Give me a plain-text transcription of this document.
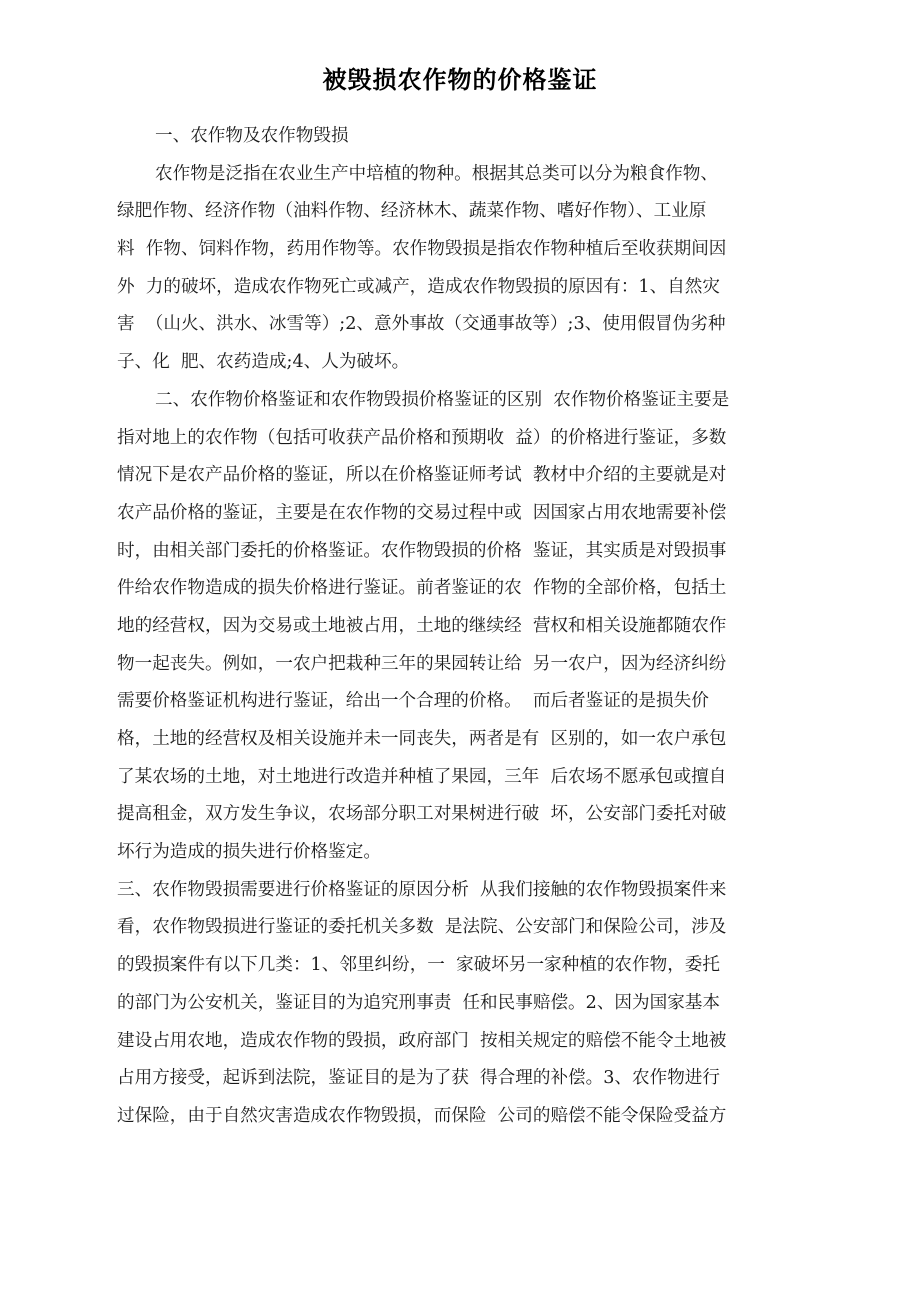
被毁损农作物的价格鉴证
一、农作物及农作物毁损
农作物是泛指在农业生产中培植的物种。根据其总类可以分为粮食作物、
绿肥作物、经济作物（油料作物、经济林木、蔬菜作物、嗜好作物）、工业原
料  作物、饲料作物，药用作物等。农作物毁损是指农作物种植后至收获期间因
外  力的破坏，造成农作物死亡或减产，造成农作物毁损的原因有：1、自然灾
害  （山火、洪水、冰雪等）;2、意外事故（交通事故等）;3、使用假冒伪劣种
子、化  肥、农药造成;4、人为破坏。
二、农作物价格鉴证和农作物毁损价格鉴证的区别  农作物价格鉴证主要是
指对地上的农作物（包括可收获产品价格和预期收  益）的价格进行鉴证，多数
情况下是农产品价格的鉴证，所以在价格鉴证师考试  教材中介绍的主要就是对
农产品价格的鉴证，主要是在农作物的交易过程中或  因国家占用农地需要补偿
时，由相关部门委托的价格鉴证。农作物毁损的价格  鉴证，其实质是对毁损事
件给农作物造成的损失价格进行鉴证。前者鉴证的农  作物的全部价格，包括土
地的经营权，因为交易或土地被占用，土地的继续经  营权和相关设施都随农作
物一起丧失。例如，一农户把栽种三年的果园转让给  另一农户，因为经济纠纷
需要价格鉴证机构进行鉴证，给出一个合理的价格。  而后者鉴证的是损失价
格，土地的经营权及相关设施并未一同丧失，两者是有  区别的，如一农户承包
了某农场的土地，对土地进行改造并种植了果园，三年  后农场不愿承包或擅自
提高租金，双方发生争议，农场部分职工对果树进行破  坏，公安部门委托对破
坏行为造成的损失进行价格鉴定。
三、农作物毁损需要进行价格鉴证的原因分析  从我们接触的农作物毁损案件来
看，农作物毁损进行鉴证的委托机关多数  是法院、公安部门和保险公司，涉及
的毁损案件有以下几类：1、邻里纠纷，一  家破坏另一家种植的农作物，委托
的部门为公安机关，鉴证目的为追究刑事责  任和民事赔偿。2、因为国家基本
建设占用农地，造成农作物的毁损，政府部门  按相关规定的赔偿不能令土地被
占用方接受，起诉到法院，鉴证目的是为了获  得合理的补偿。3、农作物进行
过保险，由于自然灾害造成农作物毁损，而保险  公司的赔偿不能令保险受益方
